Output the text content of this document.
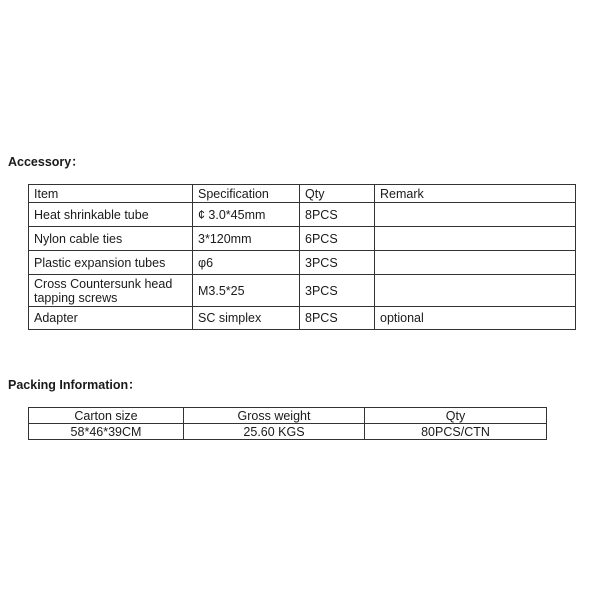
Accessory：
Item	Specification	Qty	Remark
Heat shrinkable tube	¢ 3.0*45mm	8PCS	
Nylon cable ties	3*120mm	6PCS	
Plastic expansion tubes	φ6	3PCS	
Cross Countersunk head tapping screws	M3.5*25	3PCS	
Adapter	SC simplex	8PCS	optional
Packing Information：
Carton size	Gross weight	Qty
58*46*39CM	25.60 KGS	80PCS/CTN
